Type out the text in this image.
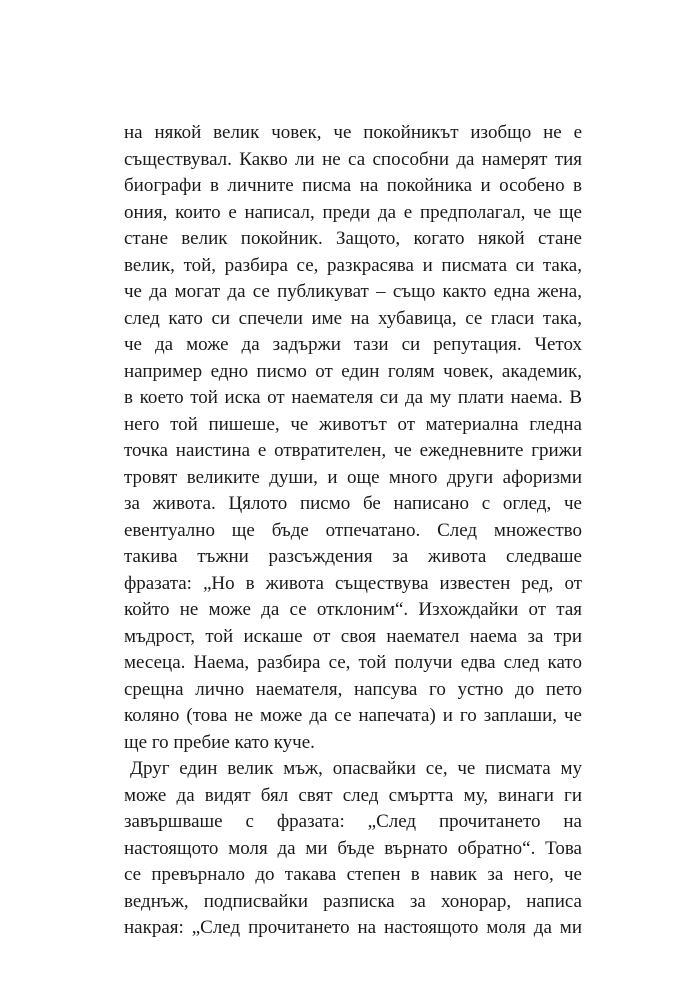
на някой велик човек, че покойникът изобщо не е
съществувал. Какво ли не са способни да намерят тия
биографи в личните писма на покойника и особено в
ония, които е написал, преди да е предполагал, че ще
стане велик покойник. Защото, когато някой стане
велик, той, разбира се, разкрасява и писмата си така,
че да могат да се публикуват – също както една жена,
след като си спечели име на хубавица, се гласи така,
че да може да задържи тази си репутация. Четох
например едно писмо от един голям човек, академик,
в което той иска от наемателя си да му плати наема. В
него той пишеше, че животът от материална гледна
точка наистина е отвратителен, че ежедневните грижи
тровят великите души, и още много други афоризми
за живота. Цялото писмо бе написано с оглед, че
евентуално ще бъде отпечатано. След множество
такива тъжни разсъждения за живота следваше
фразата: „Но в живота съществува известен ред, от
който не може да се отклоним“. Изхождайки от тая
мъдрост, той искаше от своя наемател наема за три
месеца. Наема, разбира се, той получи едва след като
срещна лично наемателя, напсува го устно до пето
коляно (това не може да се напечата) и го заплаши, че
ще го пребие като куче.
Друг един велик мъж, опасвайки се, че писмата му
може да видят бял свят след смъртта му, винаги ги
завършваше с фразата: „След прочитането на
настоящото моля да ми бъде върнато обратно“. Това
се превърнало до такава степен в навик за него, че
веднъж, подписвайки разписка за хонорар, написа
накрая: „След прочитането на настоящото моля да ми
